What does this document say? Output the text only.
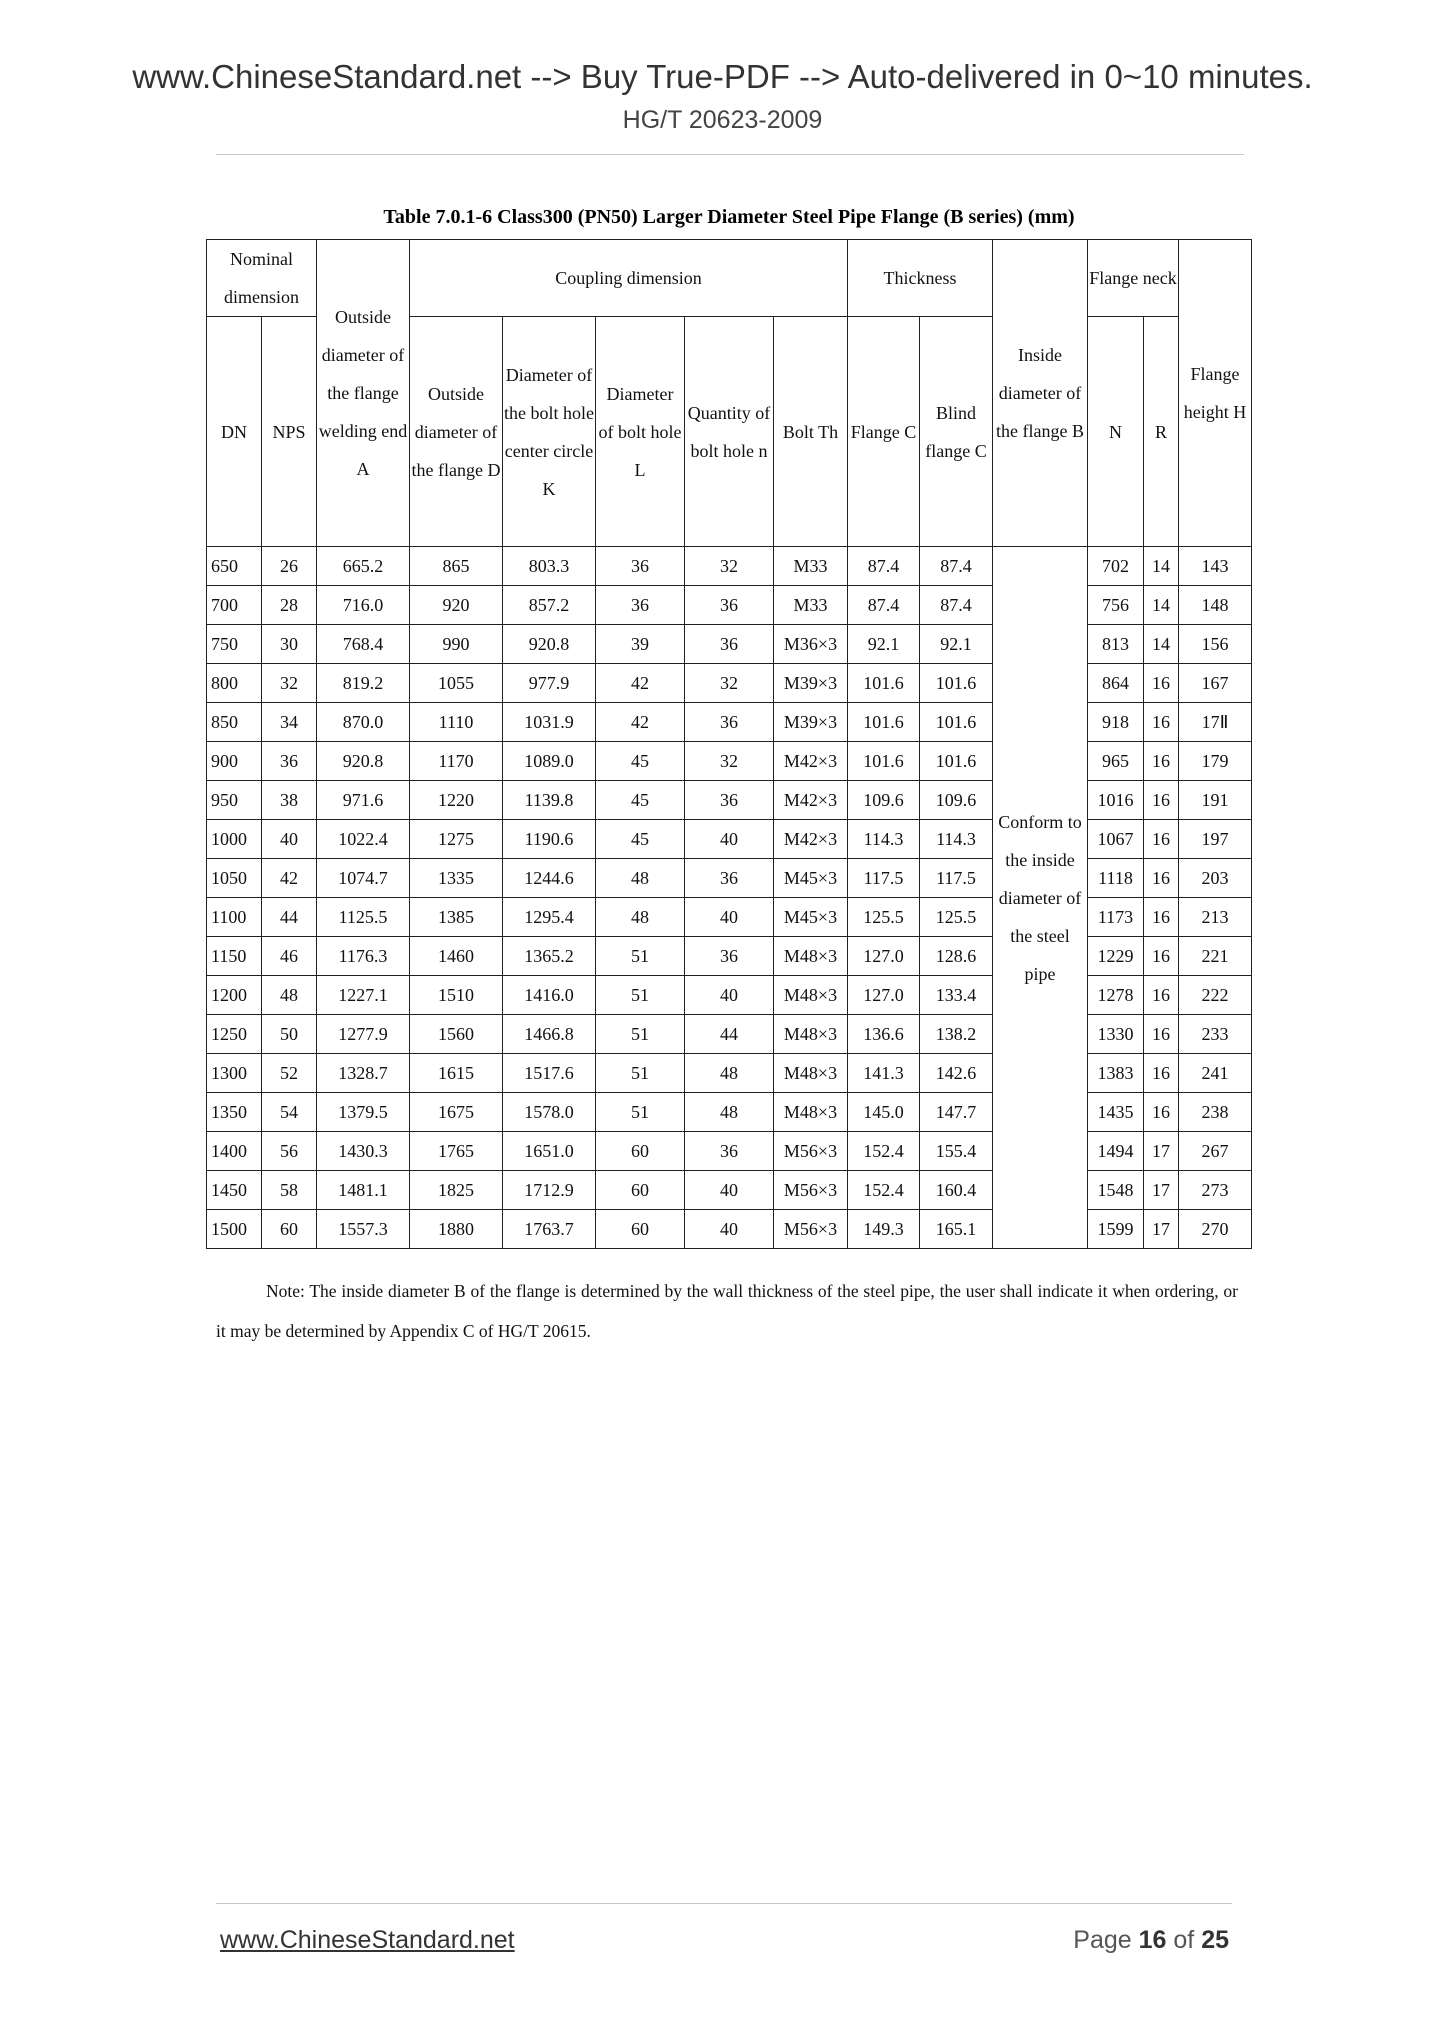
www.ChineseStandard.net --> Buy True-PDF --> Auto-delivered in 0~10 minutes.
HG/T 20623-2009
Table 7.0.1-6 Class300 (PN50) Larger Diameter Steel Pipe Flange (B series) (mm)
Nominal dimension		Outside diameter of the flange welding end A	Coupling dimension					Thickness		Inside diameter of the flange B	Flange neck		Flange height H
DN	NPS		Outside diameter of the flange D	Diameter of the bolt hole center circle K	Diameter of bolt hole L	Quantity of bolt hole n	Bolt Th	Flange C	Blind flange C		N	R	
650	26	665.2	865	803.3	36	32	M33	87.4	87.4	Conform to the inside diameter of the steel pipe	702	14	143
700	28	716.0	920	857.2	36	36	M33	87.4	87.4		756	14	148
750	30	768.4	990	920.8	39	36	M36×3	92.1	92.1		813	14	156
800	32	819.2	1055	977.9	42	32	M39×3	101.6	101.6		864	16	167
850	34	870.0	1110	1031.9	42	36	M39×3	101.6	101.6		918	16	17Ⅱ
900	36	920.8	1170	1089.0	45	32	M42×3	101.6	101.6		965	16	179
950	38	971.6	1220	1139.8	45	36	M42×3	109.6	109.6		1016	16	191
1000	40	1022.4	1275	1190.6	45	40	M42×3	114.3	114.3		1067	16	197
1050	42	1074.7	1335	1244.6	48	36	M45×3	117.5	117.5		1118	16	203
1100	44	1125.5	1385	1295.4	48	40	M45×3	125.5	125.5		1173	16	213
1150	46	1176.3	1460	1365.2	51	36	M48×3	127.0	128.6		1229	16	221
1200	48	1227.1	1510	1416.0	51	40	M48×3	127.0	133.4		1278	16	222
1250	50	1277.9	1560	1466.8	51	44	M48×3	136.6	138.2		1330	16	233
1300	52	1328.7	1615	1517.6	51	48	M48×3	141.3	142.6		1383	16	241
1350	54	1379.5	1675	1578.0	51	48	M48×3	145.0	147.7		1435	16	238
1400	56	1430.3	1765	1651.0	60	36	M56×3	152.4	155.4		1494	17	267
1450	58	1481.1	1825	1712.9	60	40	M56×3	152.4	160.4		1548	17	273
1500	60	1557.3	1880	1763.7	60	40	M56×3	149.3	165.1		1599	17	270
Note: The inside diameter B of the flange is determined by the wall thickness of the steel pipe, the user shall indicate it when ordering, or it may be determined by Appendix C of HG/T 20615.
www.ChineseStandard.net	Page 16 of 25
